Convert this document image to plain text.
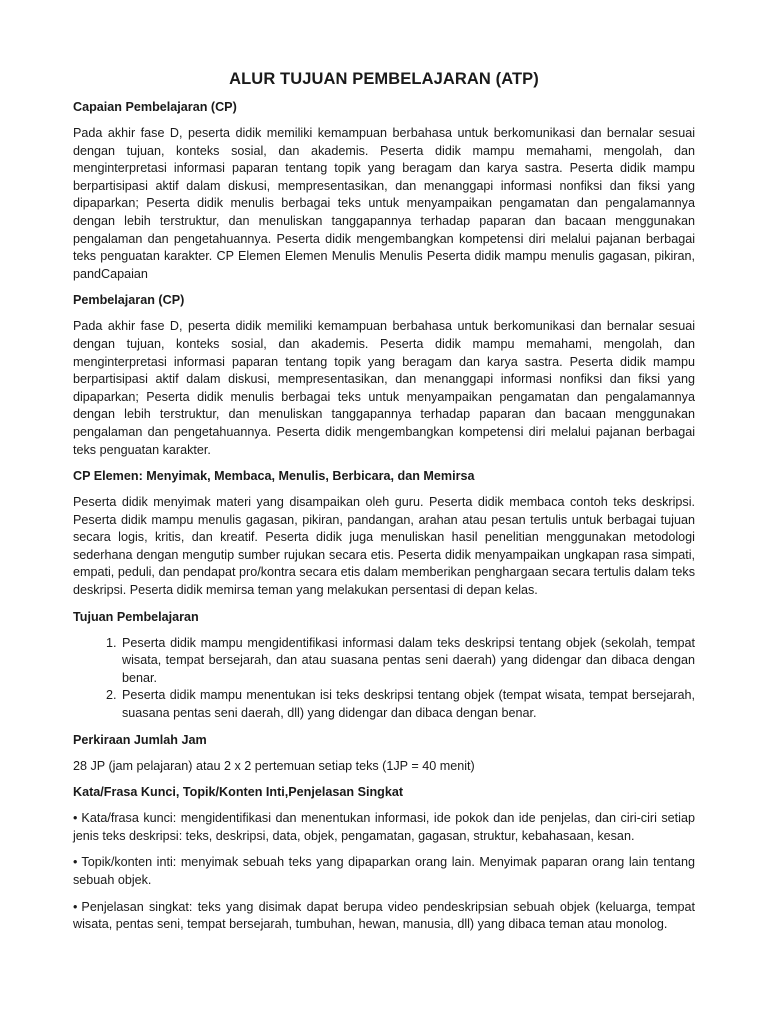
ALUR TUJUAN PEMBELAJARAN (ATP)
Capaian Pembelajaran (CP)
Pada akhir fase D, peserta didik memiliki kemampuan berbahasa untuk berkomunikasi dan bernalar sesuai dengan tujuan, konteks sosial, dan akademis. Peserta didik mampu memahami, mengolah, dan menginterpretasi informasi paparan tentang topik yang beragam dan karya sastra. Peserta didik mampu berpartisipasi aktif dalam diskusi, mempresentasikan, dan menanggapi informasi nonfiksi dan fiksi yang dipaparkan; Peserta didik menulis berbagai teks untuk menyampaikan pengamatan dan pengalamannya dengan lebih terstruktur, dan menuliskan tanggapannya terhadap paparan dan bacaan menggunakan pengalaman dan pengetahuannya. Peserta didik mengembangkan kompetensi diri melalui pajanan berbagai teks penguatan karakter. CP Elemen Elemen Menulis Menulis Peserta didik mampu menulis gagasan, pikiran, pandCapaian
Pembelajaran (CP)
Pada akhir fase D, peserta didik memiliki kemampuan berbahasa untuk berkomunikasi dan bernalar sesuai dengan tujuan, konteks sosial, dan akademis. Peserta didik mampu memahami, mengolah, dan menginterpretasi informasi paparan tentang topik yang beragam dan karya sastra. Peserta didik mampu berpartisipasi aktif dalam diskusi, mempresentasikan, dan menanggapi informasi nonfiksi dan fiksi yang dipaparkan; Peserta didik menulis berbagai teks untuk menyampaikan pengamatan dan pengalamannya dengan lebih terstruktur, dan menuliskan tanggapannya terhadap paparan dan bacaan menggunakan pengalaman dan pengetahuannya. Peserta didik mengembangkan kompetensi diri melalui pajanan berbagai teks penguatan karakter.
CP Elemen: Menyimak, Membaca, Menulis, Berbicara, dan Memirsa
Peserta didik menyimak materi yang disampaikan oleh guru. Peserta didik membaca contoh teks deskripsi. Peserta didik mampu menulis gagasan, pikiran, pandangan, arahan atau pesan tertulis untuk berbagai tujuan secara logis, kritis, dan kreatif. Peserta didik juga menuliskan hasil penelitian menggunakan metodologi sederhana dengan mengutip sumber rujukan secara etis. Peserta didik menyampaikan ungkapan rasa simpati, empati, peduli, dan pendapat pro/kontra secara etis dalam memberikan penghargaan secara tertulis dalam teks deskripsi. Peserta didik memirsa teman yang melakukan persentasi di depan kelas.
Tujuan Pembelajaran
1. Peserta didik mampu mengidentifikasi informasi dalam teks deskripsi tentang objek (sekolah, tempat wisata, tempat bersejarah, dan atau suasana pentas seni daerah) yang didengar dan dibaca dengan benar.
2. Peserta didik mampu menentukan isi teks deskripsi tentang objek (tempat wisata, tempat bersejarah, suasana pentas seni daerah, dll) yang didengar dan dibaca dengan benar.
Perkiraan Jumlah Jam
28 JP (jam pelajaran) atau 2 x 2 pertemuan setiap teks (1JP = 40 menit)
Kata/Frasa Kunci, Topik/Konten Inti,Penjelasan Singkat
• Kata/frasa kunci: mengidentifikasi dan menentukan informasi, ide pokok dan ide penjelas, dan ciri-ciri setiap jenis teks deskripsi: teks, deskripsi, data, objek, pengamatan, gagasan, struktur, kebahasaan, kesan.
• Topik/konten inti: menyimak sebuah teks yang dipaparkan orang lain. Menyimak paparan orang lain tentang sebuah objek.
• Penjelasan singkat: teks yang disimak dapat berupa video pendeskripsian sebuah objek (keluarga, tempat wisata, pentas seni, tempat bersejarah, tumbuhan, hewan, manusia, dll) yang dibaca teman atau monolog.
